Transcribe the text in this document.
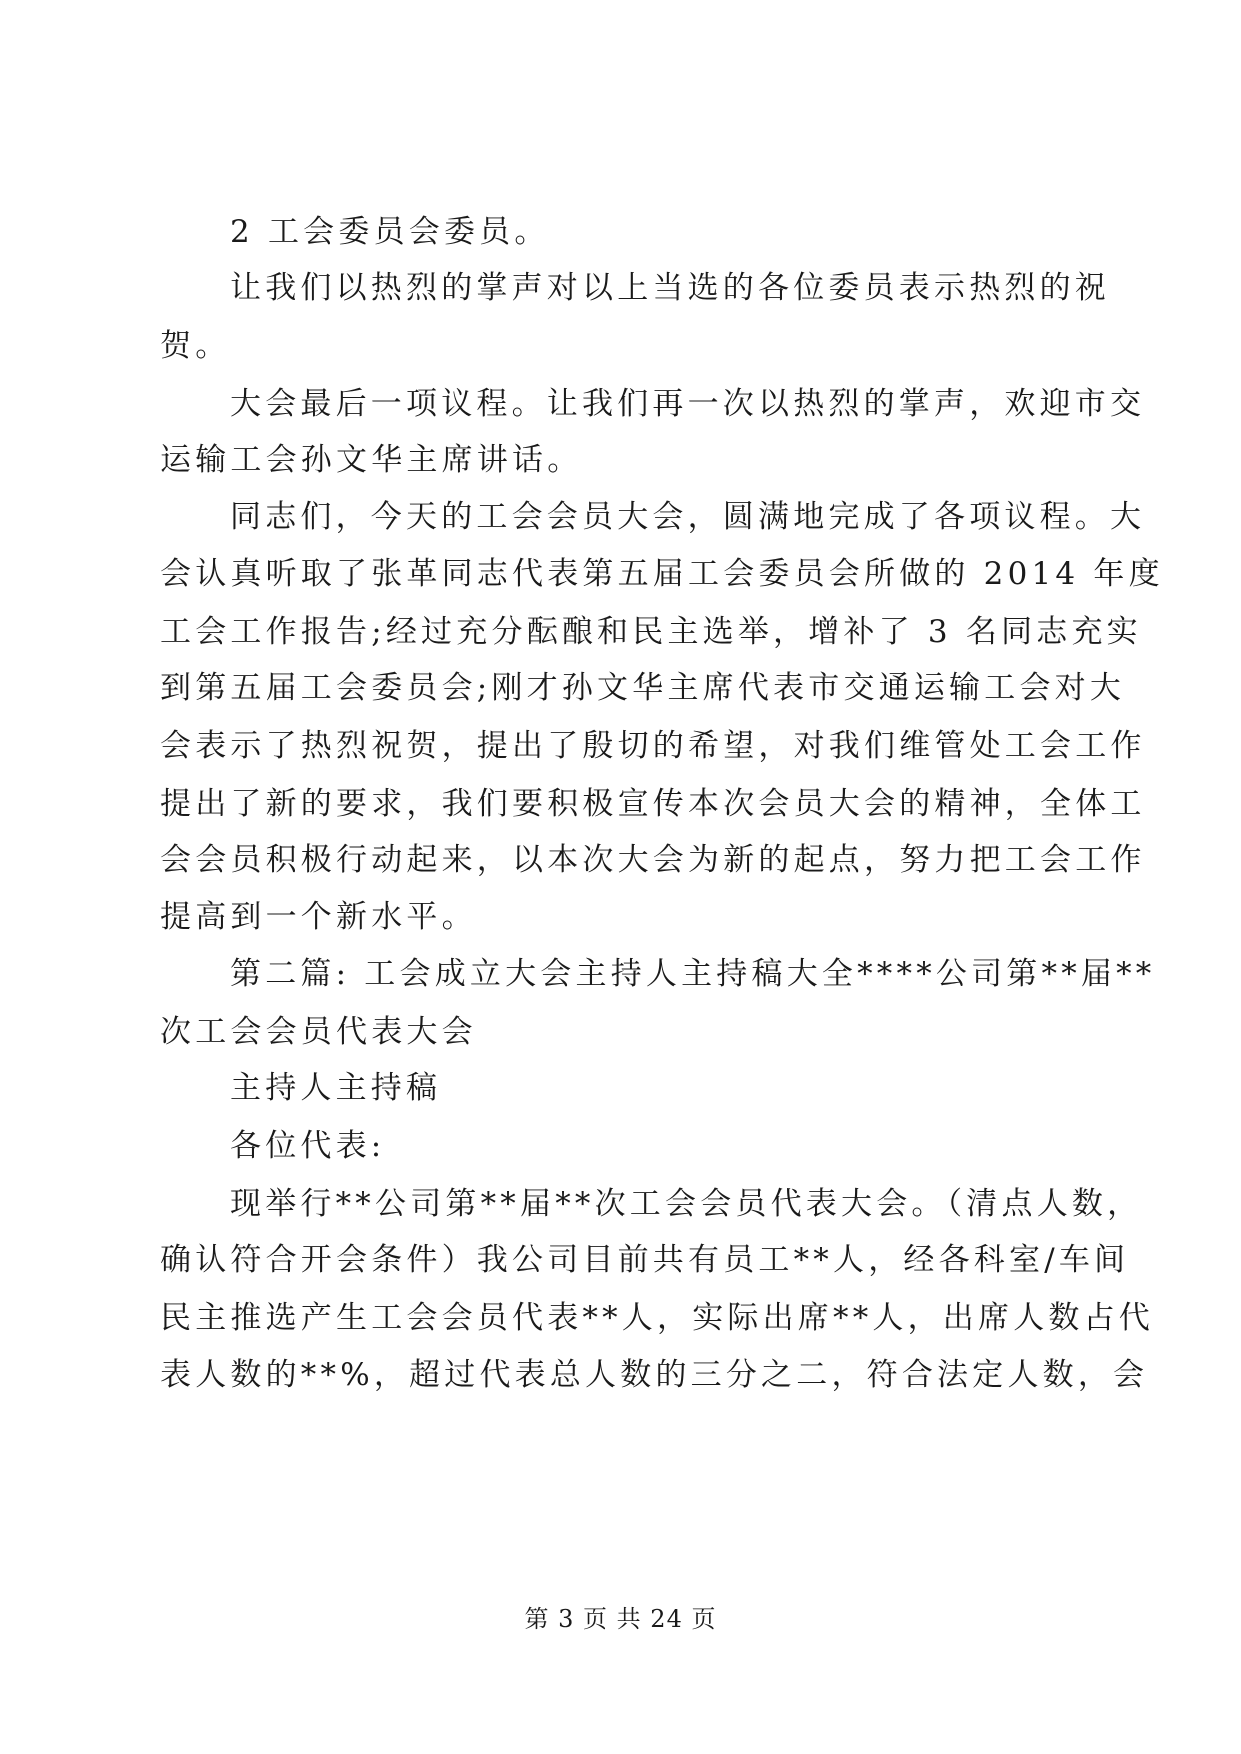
2 工会委员会委员。
让我们以热烈的掌声对以上当选的各位委员表示热烈的祝
贺。
大会最后一项议程。让我们再一次以热烈的掌声，欢迎市交
运输工会孙文华主席讲话。
同志们，今天的工会会员大会，圆满地完成了各项议程。大
会认真听取了张革同志代表第五届工会委员会所做的 2014 年度
工会工作报告;经过充分酝酿和民主选举，增补了 3 名同志充实
到第五届工会委员会;刚才孙文华主席代表市交通运输工会对大
会表示了热烈祝贺，提出了殷切的希望，对我们维管处工会工作
提出了新的要求，我们要积极宣传本次会员大会的精神，全体工
会会员积极行动起来，以本次大会为新的起点，努力把工会工作
提高到一个新水平。
第二篇: 工会成立大会主持人主持稿大全****公司第**届**
次工会会员代表大会
主持人主持稿
各位代表:
现举行**公司第**届**次工会会员代表大会。（清点人数，
确认符合开会条件）我公司目前共有员工**人，经各科室/车间
民主推选产生工会会员代表**人，实际出席**人，出席人数占代
表人数的**%，超过代表总人数的三分之二，符合法定人数，会
第 3 页 共 24 页
